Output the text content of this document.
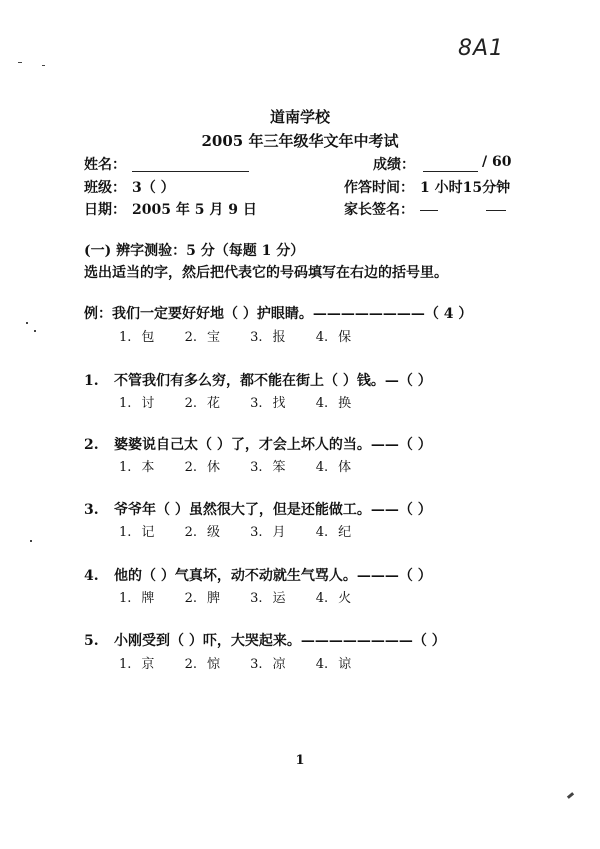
8A1
道南学校
2005 年三年级华文年中考试
姓名：	成绩：	/ 60
班级： 3（ ）	作答时间： 1 小时15分钟
日期： 2005 年 5 月 9 日	家长签名：
(一) 辨字测验：5 分（每题 1 分）
选出适当的字，然后把代表它的号码填写在右边的括号里。
例：我们一定要好好地（ ）护眼睛。————————（ 4 ）
1. 包 2. 宝 3. 报 4. 保
1. 不管我们有多么穷，都不能在街上（ ）钱。—（ ）
1. 讨 2. 花 3. 找 4. 换
2. 婆婆说自己太（ ）了，才会上坏人的当。——（ ）
1. 本 2. 休 3. 笨 4. 体
3. 爷爷年（ ）虽然很大了，但是还能做工。——（ ）
1. 记 2. 级 3. 月 4. 纪
4. 他的（ ）气真坏，动不动就生气骂人。———（ ）
1. 牌 2. 脾 3. 运 4. 火
5. 小刚受到（ ）吓，大哭起来。————————（ ）
1. 京 2. 惊 3. 凉 4. 谅
1
